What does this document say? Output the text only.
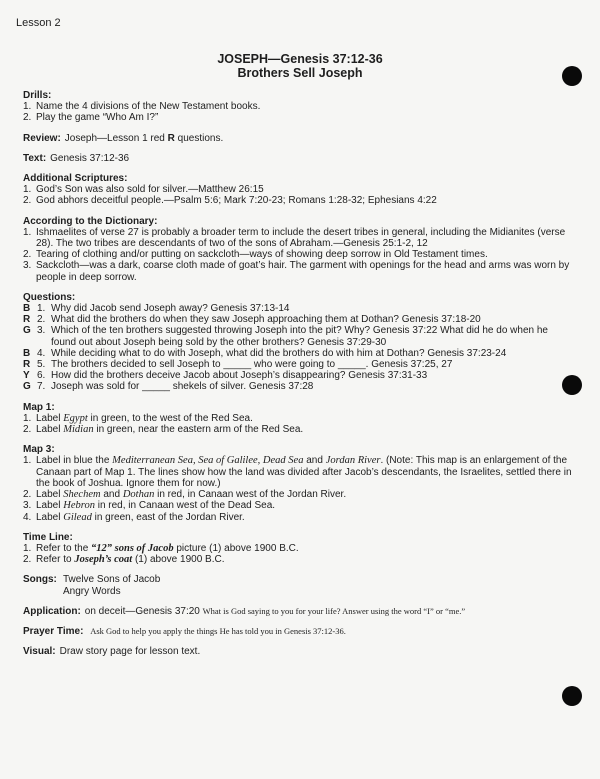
Lesson 2
JOSEPH—Genesis 37:12-36
Brothers Sell Joseph
Drills:
1. Name the 4 divisions of the New Testament books.
2. Play the game “Who Am I?”
Review: Joseph—Lesson 1 red R questions.
Text: Genesis 37:12-36
Additional Scriptures:
1. God’s Son was also sold for silver.—Matthew 26:15
2. God abhors deceitful people.—Psalm 5:6; Mark 7:20-23; Romans 1:28-32; Ephesians 4:22
According to the Dictionary:
1. Ishmaelites of verse 27 is probably a broader term to include the desert tribes in general, including the Midianites (verse 28). The two tribes are descendants of two of the sons of Abraham.—Genesis 25:1-2, 12
2. Tearing of clothing and/or putting on sackcloth—ways of showing deep sorrow in Old Testament times.
3. Sackcloth—was a dark, coarse cloth made of goat’s hair. The garment with openings for the head and arms was worn by people in deep sorrow.
Questions:
B 1. Why did Jacob send Joseph away? Genesis 37:13-14
R 2. What did the brothers do when they saw Joseph approaching them at Dothan? Genesis 37:18-20
G 3. Which of the ten brothers suggested throwing Joseph into the pit? Why? Genesis 37:22 What did he do when he found out about Joseph being sold by the other brothers? Genesis 37:29-30
B 4. While deciding what to do with Joseph, what did the brothers do with him at Dothan? Genesis 37:23-24
R 5. The brothers decided to sell Joseph to _____ who were going to _____. Genesis 37:25, 27
Y 6. How did the brothers deceive Jacob about Joseph’s disappearing? Genesis 37:31-33
G 7. Joseph was sold for _____ shekels of silver. Genesis 37:28
Map 1:
1. Label Egypt in green, to the west of the Red Sea.
2. Label Midian in green, near the eastern arm of the Red Sea.
Map 3:
1. Label in blue the Mediterranean Sea, Sea of Galilee, Dead Sea and Jordan River. (Note: This map is an enlargement of the Canaan part of Map 1. The lines show how the land was divided after Jacob’s descendants, the Israelites, settled there in the book of Joshua. Ignore them for now.)
2. Label Shechem and Dothan in red, in Canaan west of the Jordan River.
3. Label Hebron in red, in Canaan west of the Dead Sea.
4. Label Gilead in green, east of the Jordan River.
Time Line:
1. Refer to the “12” sons of Jacob picture (1) above 1900 B.C.
2. Refer to Joseph’s coat (1) above 1900 B.C.
Songs: Twelve Sons of Jacob
Angry Words
Application: on deceit—Genesis 37:20 What is God saying to you for your life? Answer using the word “I” or “me.”
Prayer Time: Ask God to help you apply the things He has told you in Genesis 37:12-36.
Visual: Draw story page for lesson text.
